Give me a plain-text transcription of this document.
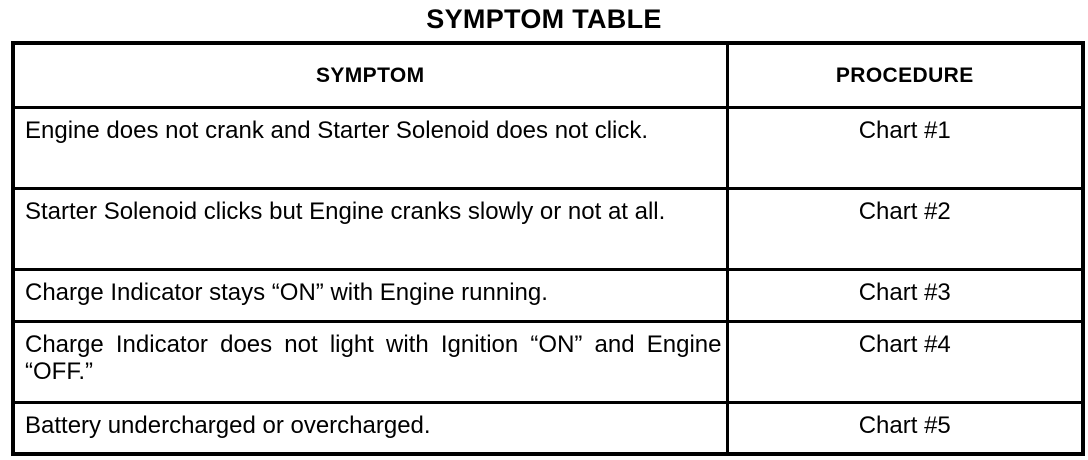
SYMPTOM TABLE
SYMPTOM	PROCEDURE
Engine does not crank and Starter Solenoid does not click.	Chart #1
Starter Solenoid clicks but Engine cranks slowly or not at all.	Chart #2
Charge Indicator stays “ON” with Engine running.	Chart #3
Charge Indicator does not light with Ignition “ON” and Engine “OFF.”	Chart #4
Battery undercharged or overcharged.	Chart #5
